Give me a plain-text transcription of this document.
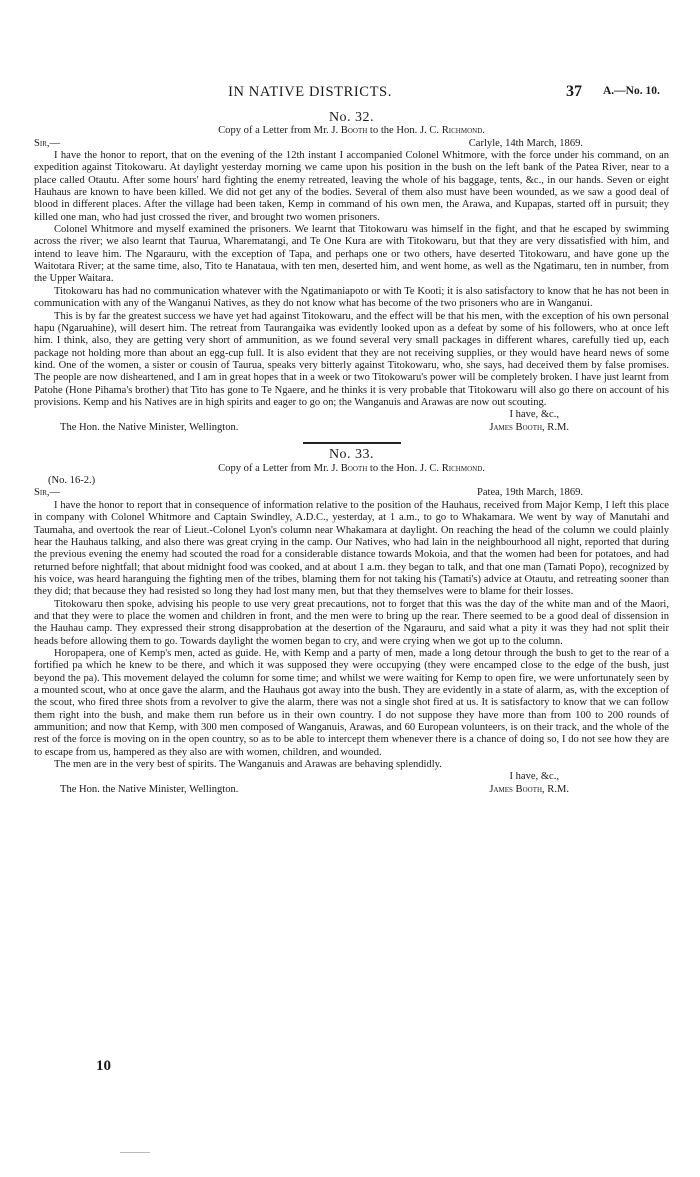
IN NATIVE DISTRICTS.	37 A.—No. 10.
No. 32.
Copy of a Letter from Mr. J. Booth to the Hon. J. C. Richmond.
Sir,—	Carlyle, 14th March, 1869.

I have the honor to report, that on the evening of the 12th instant I accompanied Colonel Whitmore, with the force under his command, on an expedition against Titokowaru. At daylight yesterday morning we came upon his position in the bush on the left bank of the Patea River, near to a place called Otautu. After some hours' hard fighting the enemy retreated, leaving the whole of his baggage, tents, &c., in our hands. Seven or eight Hauhaus are known to have been killed. We did not get any of the bodies. Several of them also must have been wounded, as we saw a good deal of blood in different places. After the village had been taken, Kemp in command of his own men, the Arawa, and Kupapas, started off in pursuit; they killed one man, who had just crossed the river, and brought two women prisoners.

Colonel Whitmore and myself examined the prisoners. We learnt that Titokowaru was himself in the fight, and that he escaped by swimming across the river; we also learnt that Taurua, Wharematangi, and Te One Kura are with Titokowaru, but that they are very dissatisfied with him, and intend to leave him. The Ngarauru, with the exception of Tapa, and perhaps one or two others, have deserted Titokowaru, and have gone up the Waitotara River; at the same time, also, Tito te Hanataua, with ten men, deserted him, and went home, as well as the Ngatimaru, ten in number, from the Upper Waitara.

Titokowaru has had no communication whatever with the Ngatimaniapoto or with Te Kooti; it is also satisfactory to know that he has not been in communication with any of the Wanganui Natives, as they do not know what has become of the two prisoners who are in Wanganui.

This is by far the greatest success we have yet had against Titokowaru, and the effect will be that his men, with the exception of his own personal hapu (Ngaruahine), will desert him. The retreat from Taurangaika was evidently looked upon as a defeat by some of his followers, who at once left him. I think, also, they are getting very short of ammunition, as we found several very small packages in different whares, carefully tied up, each package not holding more than about an egg-cup full. It is also evident that they are not receiving supplies, or they would have heard news of some kind. One of the women, a sister or cousin of Taurua, speaks very bitterly against Titokowaru, who, she says, had deceived them by false promises. The people are now disheartened, and I am in great hopes that in a week or two Titokowaru's power will be completely broken. I have just learnt from Patohe (Hone Pihama's brother) that Tito has gone to Te Ngaere, and he thinks it is very probable that Titokowaru will also go there on account of his provisions. Kemp and his Natives are in high spirits and eager to go on; the Wanganuis and Arawas are now out scouting.

I have, &c.,
The Hon. the Native Minister, Wellington.	James Booth, R.M.
No. 33.
Copy of a Letter from Mr. J. Booth to the Hon. J. C. Richmond.
(No. 16-2.)
Sir,—	Patea, 19th March, 1869.

I have the honor to report that in consequence of information relative to the position of the Hauhaus, received from Major Kemp, I left this place in company with Colonel Whitmore and Captain Swindley, A.D.C., yesterday, at 1 a.m., to go to Whakamara. We went by way of Manutahi and Taumaha, and overtook the rear of Lieut.-Colonel Lyon's column near Whakamara at daylight. On reaching the head of the column we could plainly hear the Hauhaus talking, and also there was great crying in the camp. Our Natives, who had lain in the neighbourhood all night, reported that during the previous evening the enemy had scouted the road for a considerable distance towards Mokoia, and that the women had been for potatoes, and had returned before nightfall; that about midnight food was cooked, and at about 1 a.m. they began to talk, and that one man (Tamati Popo), recognized by his voice, was heard haranguing the fighting men of the tribes, blaming them for not taking his (Tamati's) advice at Otautu, and retreating sooner than they did; that because they had resisted so long they had lost many men, but that they themselves were to blame for their losses.

Titokowaru then spoke, advising his people to use very great precautions, not to forget that this was the day of the white man and of the Maori, and that they were to place the women and children in front, and the men were to bring up the rear. There seemed to be a good deal of dissension in the Hauhau camp. They expressed their strong disapprobation at the desertion of the Ngarauru, and said what a pity it was they had not split their heads before allowing them to go. Towards daylight the women began to cry, and were crying when we got up to the column.

Horopapera, one of Kemp's men, acted as guide. He, with Kemp and a party of men, made a long detour through the bush to get to the rear of a fortified pa which he knew to be there, and which it was supposed they were occupying (they were encamped close to the edge of the bush, just beyond the pa). This movement delayed the column for some time; and whilst we were waiting for Kemp to open fire, we were unfortunately seen by a mounted scout, who at once gave the alarm, and the Hauhaus got away into the bush. They are evidently in a state of alarm, as, with the exception of the scout, who fired three shots from a revolver to give the alarm, there was not a single shot fired at us. It is satisfactory to know that we can follow them right into the bush, and make them run before us in their own country. I do not suppose they have more than from 100 to 200 rounds of ammunition; and now that Kemp, with 300 men composed of Wanganuis, Arawas, and 60 European volunteers, is on their track, and the whole of the rest of the force is moving on in the open country, so as to be able to intercept them whenever there is a chance of doing so, I do not see how they are to escape from us, hampered as they also are with women, children, and wounded.

The men are in the very best of spirits. The Wanganuis and Arawas are behaving splendidly.

I have, &c.,
The Hon. the Native Minister, Wellington.	James Booth, R.M.
10
